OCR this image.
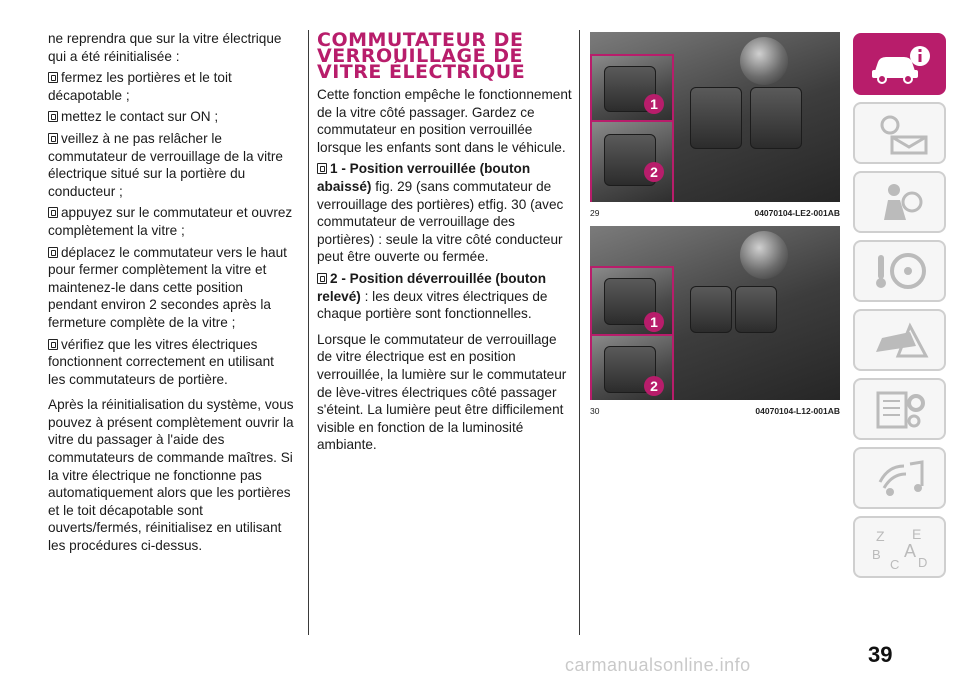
ne reprendra que sur la vitre électrique qui a été réinitialisée :

fermez les portières et le toit décapotable ;

mettez le contact sur ON ;

veillez à ne pas relâcher le commutateur de verrouillage de la vitre électrique situé sur la portière du conducteur ;

appuyez sur le commutateur et ouvrez complètement la vitre ;

déplacez le commutateur vers le haut pour fermer complètement la vitre et maintenez-le dans cette position pendant environ 2 secondes après la fermeture complète de la vitre ;

vérifiez que les vitres électriques fonctionnent correctement en utilisant les commutateurs de portière.

Après la réinitialisation du système, vous pouvez à présent complètement ouvrir la vitre du passager à l'aide des commutateurs de commande maîtres. Si la vitre électrique ne fonctionne pas automatiquement alors que les portières et le toit décapotable sont ouverts/fermés, réinitialisez en utilisant les procédures ci-dessus.

COMMUTATEUR DE VERROUILLAGE DE VITRE ÉLECTRIQUE

Cette fonction empêche le fonctionnement de la vitre côté passager. Gardez ce commutateur en position verrouillée lorsque les enfants sont dans le véhicule.

1 - Position verrouillée (bouton abaissé) fig. 29 (sans commutateur de verrouillage des portières) etfig. 30 (avec commutateur de verrouillage des portières) : seule la vitre côté conducteur peut être ouverte ou fermée.

2 - Position déverrouillée (bouton relevé) : les deux vitres électriques de chaque portière sont fonctionnelles.

Lorsque le commutateur de verrouillage de vitre électrique est en position verrouillée, la lumière sur le commutateur de lève-vitres électriques côté passager s'éteint. La lumière peut être difficilement visible en fonction de la luminosité ambiante.

1
2
29	04070104-LE2-001AB
1
2
30	04070104-L12-001AB
Z E
B A
C D
39
carmanualsonline.info
